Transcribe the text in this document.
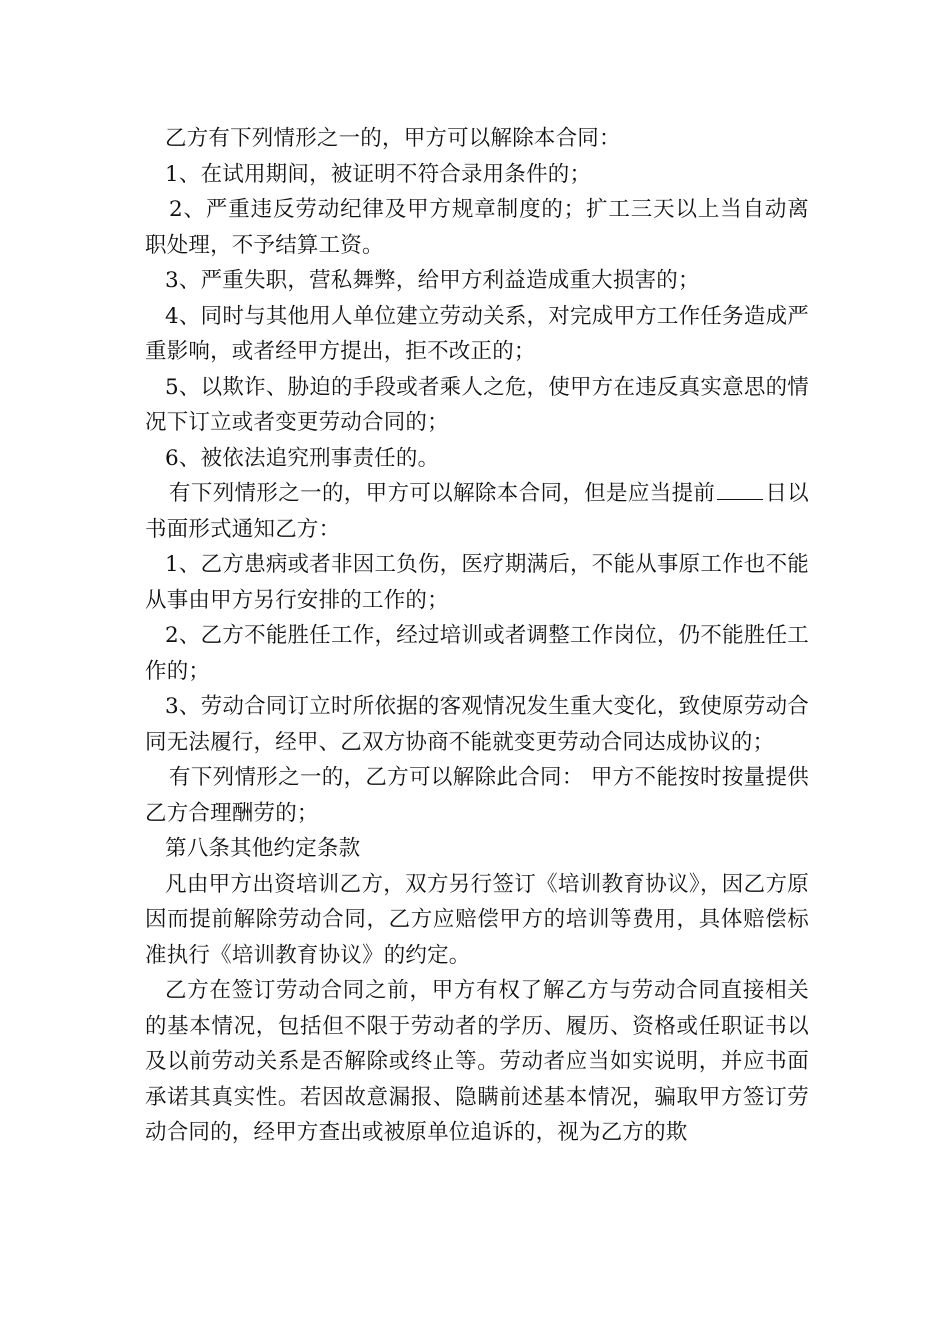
乙方有下列情形之一的，甲方可以解除本合同：

1、在试用期间，被证明不符合录用条件的；

2、严重违反劳动纪律及甲方规章制度的；扩工三天以上当自动离职处理，不予结算工资。

3、严重失职，营私舞弊，给甲方利益造成重大损害的；

4、同时与其他用人单位建立劳动关系，对完成甲方工作任务造成严重影响，或者经甲方提出，拒不改正的；

5、以欺诈、胁迫的手段或者乘人之危，使甲方在违反真实意思的情况下订立或者变更劳动合同的；

6、被依法追究刑事责任的。

有下列情形之一的，甲方可以解除本合同，但是应当提前 日以书面形式通知乙方：

1、乙方患病或者非因工负伤，医疗期满后，不能从事原工作也不能从事由甲方另行安排的工作的；

2、乙方不能胜任工作，经过培训或者调整工作岗位，仍不能胜任工作的；

3、劳动合同订立时所依据的客观情况发生重大变化，致使原劳动合同无法履行，经甲、乙双方协商不能就变更劳动合同达成协议的；

有下列情形之一的，乙方可以解除此合同： 甲方不能按时按量提供乙方合理酬劳的；

第八条其他约定条款

凡由甲方出资培训乙方，双方另行签订《培训教育协议》，因乙方原因而提前解除劳动合同，乙方应赔偿甲方的培训等费用，具体赔偿标准执行《培训教育协议》的约定。

乙方在签订劳动合同之前，甲方有权了解乙方与劳动合同直接相关的基本情况，包括但不限于劳动者的学历、履历、资格或任职证书以及以前劳动关系是否解除或终止等。劳动者应当如实说明，并应书面承诺其真实性。若因故意漏报、隐瞒前述基本情况，骗取甲方签订劳动合同的，经甲方查出或被原单位追诉的，视为乙方的欺
